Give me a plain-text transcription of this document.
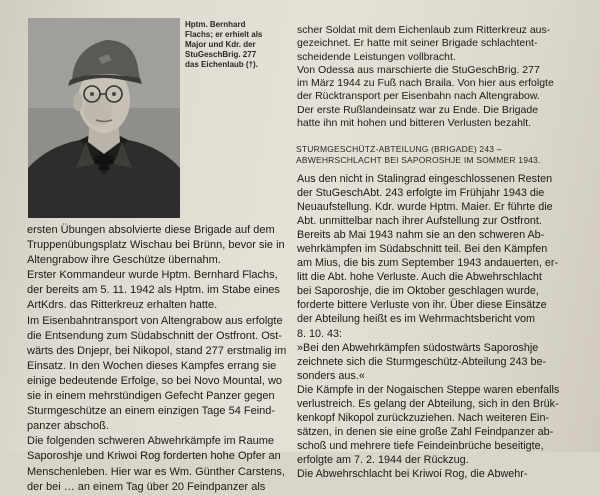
Hptm. Bernhard
Flachs; er erhielt als
Major und Kdr. der
StuGeschBrig. 277
das Eichenlaub (†).
ersten Übungen absolvierte diese Brigade auf dem
Truppenübungsplatz Wischau bei Brünn, bevor sie in
Altengrabow ihre Geschütze übernahm.
Erster Kommandeur wurde Hptm. Bernhard Flachs,
der bereits am 5. 11. 1942 als Hptm. im Stabe eines
ArtKdrs. das Ritterkreuz erhalten hatte.
Im Eisenbahntransport von Altengrabow aus erfolgte
die Entsendung zum Südabschnitt der Ostfront. Ost-
wärts des Dnjepr, bei Nikopol, stand 277 erstmalig im
Einsatz. In den Wochen dieses Kampfes errang sie
einige bedeutende Erfolge, so bei Novo Mountal, wo
sie in einem mehrstündigen Gefecht Panzer gegen
Sturmgeschütze an einem einzigen Tage 54 Feind-
panzer abschoß.
Die folgenden schweren Abwehrkämpfe im Raume
Saporoshje und Kriwoi Rog forderten hohe Opfer an
Menschenleben. Hier war es Wm. Günther Carstens,
der bei … an einem Tag über 20 Feindpanzer als
scher Soldat mit dem Eichenlaub zum Ritterkreuz aus-
gezeichnet. Er hatte mit seiner Brigade schlachtent-
scheidende Leistungen vollbracht.
Von Odessa aus marschierte die StuGeschBrig. 277
im März 1944 zu Fuß nach Braila. Von hier aus erfolgte
der Rücktransport per Eisenbahn nach Altengrabow.
Der erste Rußlandeinsatz war zu Ende. Die Brigade
hatte ihn mit hohen und bitteren Verlusten bezahlt.
STURMGESCHÜTZ-ABTEILUNG (BRIGADE) 243 –
ABWEHRSCHLACHT BEI SAPOROSHJE IM SOMMER 1943.
Aus den nicht in Stalingrad eingeschlossenen Resten
der StuGeschAbt. 243 erfolgte im Frühjahr 1943 die
Neuaufstellung. Kdr. wurde Hptm. Maier. Er führte die
Abt. unmittelbar nach ihrer Aufstellung zur Ostfront.
Bereits ab Mai 1943 nahm sie an den schweren Ab-
wehrkämpfen im Südabschnitt teil. Bei den Kämpfen
am Mius, die bis zum September 1943 andauerten, er-
litt die Abt. hohe Verluste. Auch die Abwehrschlacht
bei Saporoshje, die im Oktober geschlagen wurde,
forderte bittere Verluste von ihr. Über diese Einsätze
der Abteilung heißt es im Wehrmachtsbericht vom
8. 10. 43:
»Bei den Abwehrkämpfen südostwärts Saporoshje
zeichnete sich die Sturmgeschütz-Abteilung 243 be-
sonders aus.«
Die Kämpfe in der Nogaischen Steppe waren ebenfalls
verlustreich. Es gelang der Abteilung, sich in den Brük-
kenkopf Nikopol zurückzuziehen. Nach weiteren Ein-
sätzen, in denen sie eine große Zahl Feindpanzer ab-
schoß und mehrere tiefe Feindeinbrüche beseitigte,
erfolgte am 7. 2. 1944 der Rückzug.
Die Abwehrschlacht bei Kriwoi Rog, die Abwehr-
